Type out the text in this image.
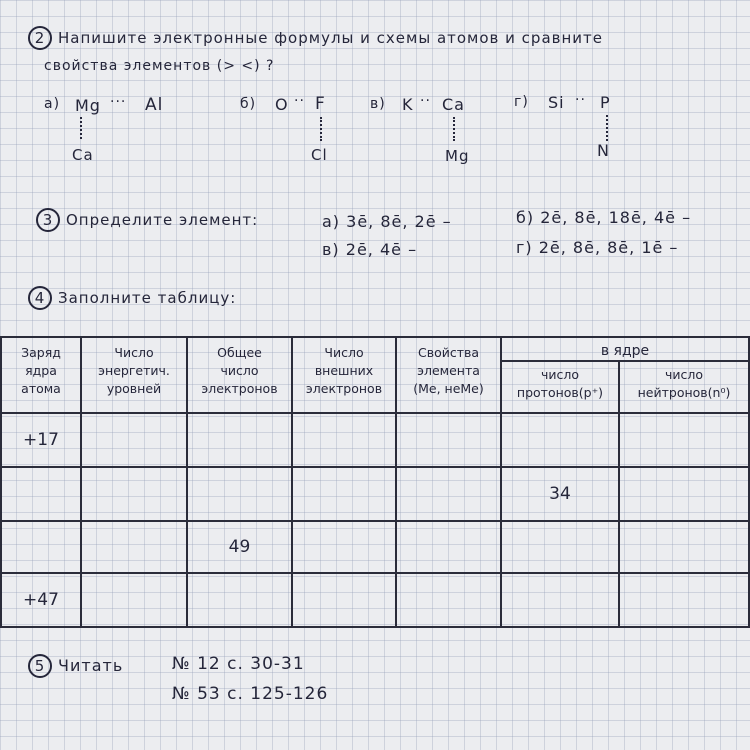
2 Напишите электронные формулы и схемы атомов и сравните
свойства элементов (> <) ?
а) Mg ··· Al
Ca
б) O ·· F
Cl
в) K ·· Ca
Mg
г) Si ·· P
N
3 Определите элемент:	а) 3ē, 8ē, 2ē –	б) 2ē, 8ē, 18ē, 4ē –
в) 2ē, 4ē –	г) 2ē, 8ē, 8ē, 1ē –
4 Заполните таблицу:
Заряд
ядра
атома	Число
энергетич.
уровней	Общее
число
электронов	Число
внешних
электронов	Свойства
элемента
(Ме, неМе)	в ядре	

					число
протонов(p⁺)	число
нейтронов(n⁰)

+17						
					34	
		49				
+47						
5 Читать	№ 12 с. 30-31
№ 53 с. 125-126
